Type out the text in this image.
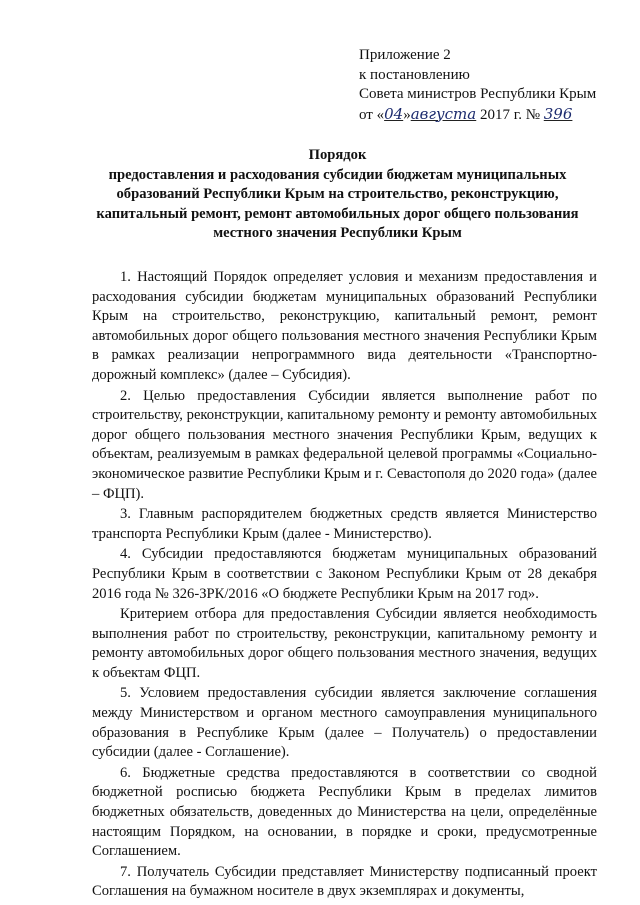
Приложение 2
к постановлению
Совета министров Республики Крым
от «04»августа 2017 г. № 396
Порядок
предоставления и расходования субсидии бюджетам муниципальных образований Республики Крым на строительство, реконструкцию, капитальный ремонт, ремонт автомобильных дорог общего пользования местного значения Республики Крым

1. Настоящий Порядок определяет условия и механизм предоставления и расходования субсидии бюджетам муниципальных образований Республики Крым на строительство, реконструкцию, капитальный ремонт, ремонт автомобильных дорог общего пользования местного значения Республики Крым в рамках реализации непрограммного вида деятельности «Транспортно-дорожный комплекс» (далее – Субсидия).

2. Целью предоставления Субсидии является выполнение работ по строительству, реконструкции, капитальному ремонту и ремонту автомобильных дорог общего пользования местного значения Республики Крым, ведущих к объектам, реализуемым в рамках федеральной целевой программы «Социально-экономическое развитие Республики Крым и г. Севастополя до 2020 года» (далее – ФЦП).

3. Главным распорядителем бюджетных средств является Министерство транспорта Республики Крым (далее - Министерство).

4. Субсидии предоставляются бюджетам муниципальных образований Республики Крым в соответствии с Законом Республики Крым от 28 декабря 2016 года № 326-ЗРК/2016 «О бюджете Республики Крым на 2017 год».

Критерием отбора для предоставления Субсидии является необходимость выполнения работ по строительству, реконструкции, капитальному ремонту и ремонту автомобильных дорог общего пользования местного значения, ведущих к объектам ФЦП.

5. Условием предоставления субсидии является заключение соглашения между Министерством и органом местного самоуправления муниципального образования в Республике Крым (далее – Получатель) о предоставлении субсидии (далее - Соглашение).

6. Бюджетные средства предоставляются в соответствии со сводной бюджетной росписью бюджета Республики Крым в пределах лимитов бюджетных обязательств, доведенных до Министерства на цели, определённые настоящим Порядком, на основании, в порядке и сроки, предусмотренные Соглашением.

7. Получатель Субсидии представляет Министерству подписанный проект Соглашения на бумажном носителе в двух экземплярах и документы,
